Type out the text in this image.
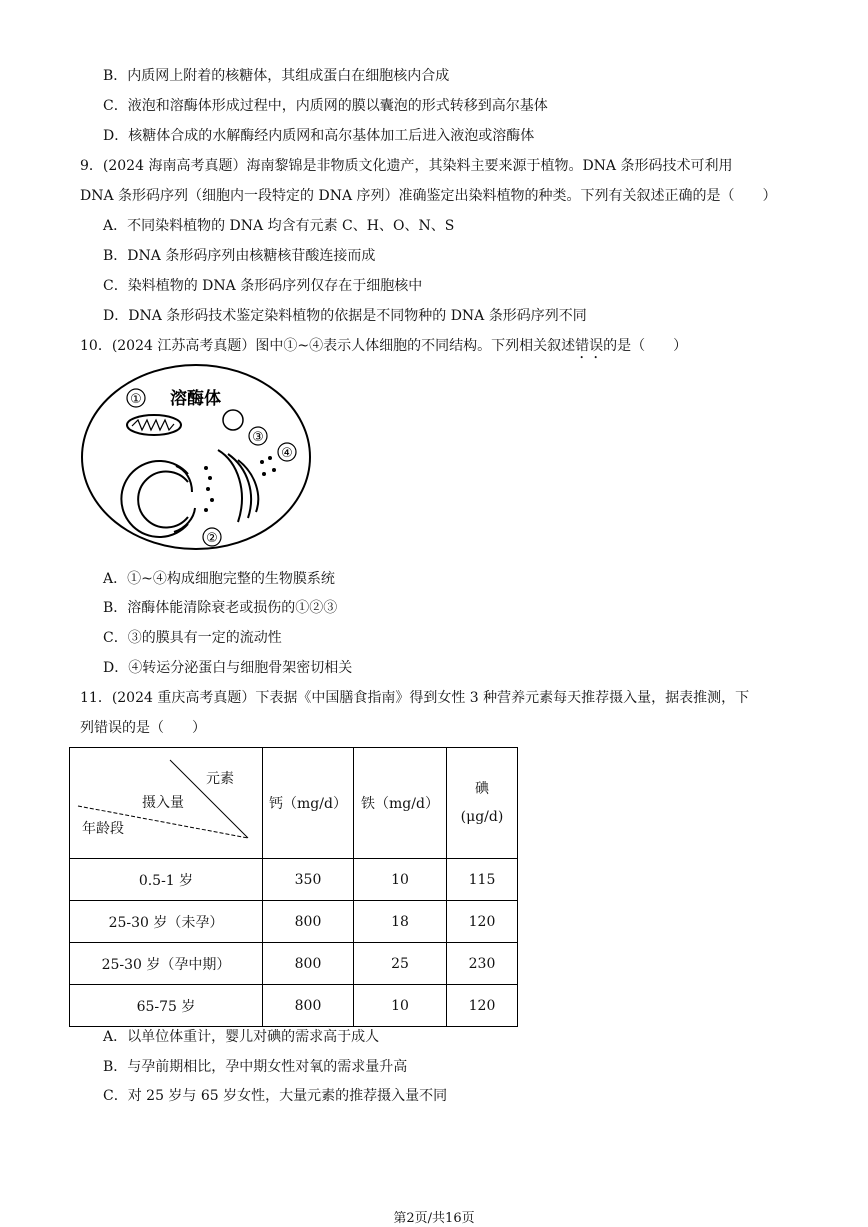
B．内质网上附着的核糖体，其组成蛋白在细胞核内合成
C．液泡和溶酶体形成过程中，内质网的膜以囊泡的形式转移到高尔基体
D．核糖体合成的水解酶经内质网和高尔基体加工后进入液泡或溶酶体
9．(2024 海南高考真题）海南黎锦是非物质文化遗产，其染料主要来源于植物。DNA 条形码技术可利用
DNA 条形码序列（细胞内一段特定的 DNA 序列）准确鉴定出染料植物的种类。下列有关叙述正确的是（　　）
A．不同染料植物的 DNA 均含有元素 C、H、O、N、S
B．DNA 条形码序列由核糖核苷酸连接而成
C．染料植物的 DNA 条形码序列仅存在于细胞核中
D．DNA 条形码技术鉴定染料植物的依据是不同物种的 DNA 条形码序列不同
10．(2024 江苏高考真题）图中①~④表示人体细胞的不同结构。下列相关叙述错误的是（　　）
① 溶酶体
②
③
④
A．①~④构成细胞完整的生物膜系统
B．溶酶体能清除衰老或损伤的①②③
C．③的膜具有一定的流动性
D．④转运分泌蛋白与细胞骨架密切相关
11．(2024 重庆高考真题）下表据《中国膳食指南》得到女性 3 种营养元素每天推荐摄入量，据表推测，下
列错误的是（　　）
元素
摄入量
年龄段	钙（mg/d）	铁（mg/d）	碘
(μg/d)
0.5-1 岁	350	10	115
25-30 岁（未孕）	800	18	120
25-30 岁（孕中期）	800	25	230
65-75 岁	800	10	120
A．以单位体重计，婴儿对碘的需求高于成人
B．与孕前期相比，孕中期女性对氧的需求量升高
C．对 25 岁与 65 岁女性，大量元素的推荐摄入量不同
第2页/共16页
